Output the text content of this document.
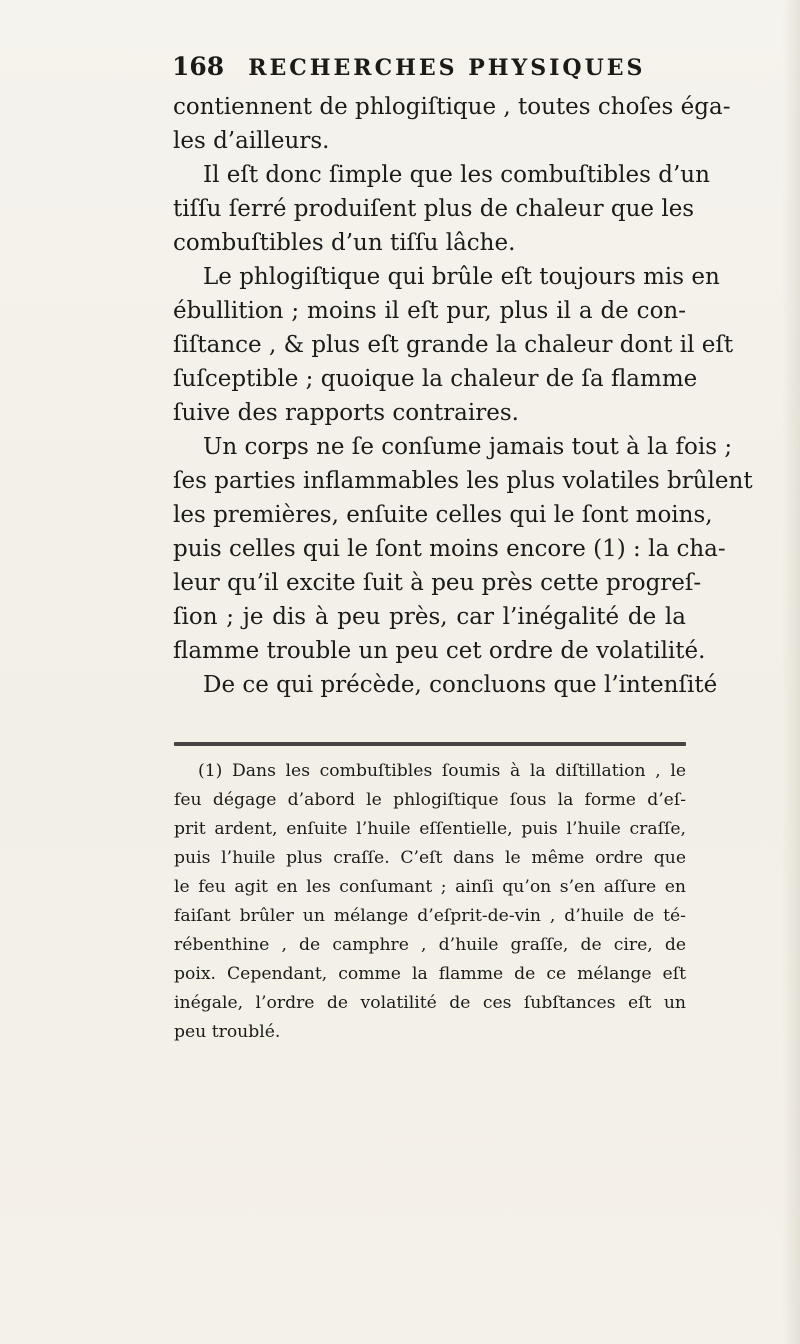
168 RECHERCHES PHYSIQUES
contiennent de phlogiſtique , toutes choſes éga-
les d’ailleurs.
Il eſt donc ſimple que les combuſtibles d’un
tiſſu ſerré produiſent plus de chaleur que les
combuſtibles d’un tiſſu lâche.
Le phlogiſtique qui brûle eſt toujours mis en
ébullition ; moins il eſt pur, plus il a de con-
ſiſtance , & plus eſt grande la chaleur dont il eſt
ſuſceptible ; quoique la chaleur de ſa flamme
ſuive des rapports contraires.
Un corps ne ſe conſume jamais tout à la fois ;
ſes parties inflammables les plus volatiles brûlent
les premières, enſuite celles qui le ſont moins,
puis celles qui le ſont moins encore (1) : la cha-
leur qu’il excite ſuit à peu près cette progreſ-
ſion ; je dis à peu près, car l’inégalité de la
flamme trouble un peu cet ordre de volatilité.
De ce qui précède, concluons que l’intenſité
(1) Dans les combuſtibles ſoumis à la diſtillation , le
feu dégage d’abord le phlogiſtique ſous la forme d’eſ-
prit ardent, enſuite l’huile eſſentielle, puis l’huile craſſe,
puis l’huile plus craſſe. C’eſt dans le même ordre que
le feu agit en les conſumant ; ainſi qu’on s’en aſſure en
faiſant brûler un mélange d’eſprit-de-vin , d’huile de té-
rébenthine , de camphre , d’huile graſſe, de cire, de
poix. Cependant, comme la flamme de ce mélange eſt
inégale, l’ordre de volatilité de ces ſubſtances eſt un
peu troublé.
